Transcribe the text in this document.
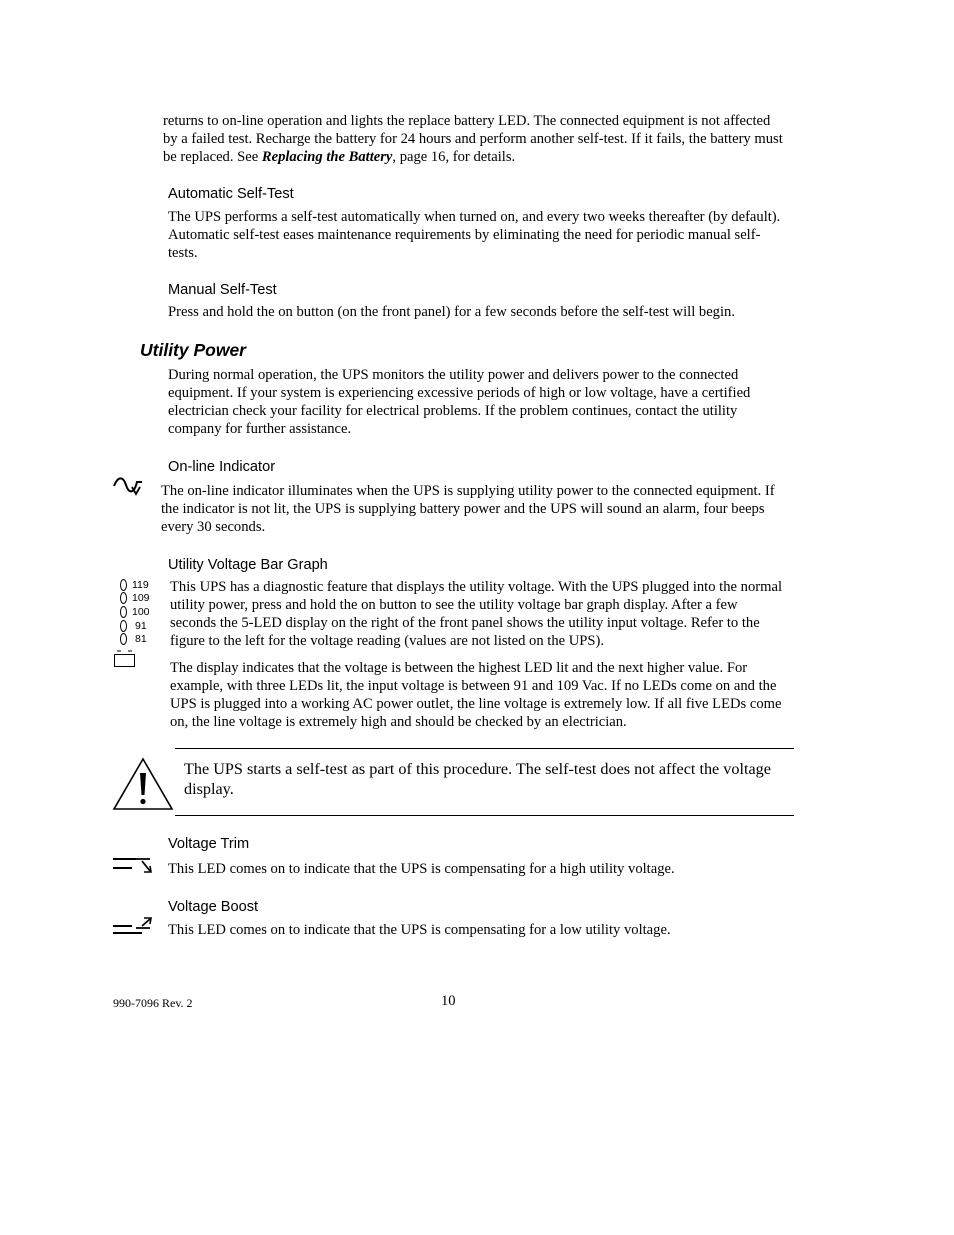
returns to on-line operation and lights the replace battery LED. The connected equipment is not affected by a failed test. Recharge the battery for 24 hours and perform another self-test. If it fails, the battery must be replaced. See Replacing the Battery, page 16, for details.

Automatic Self-Test

The UPS performs a self-test automatically when turned on, and every two weeks thereafter (by default). Automatic self-test eases maintenance requirements by eliminating the need for periodic manual self-tests.

Manual Self-Test

Press and hold the on button (on the front panel) for a few seconds before the self-test will begin.

Utility Power

During normal operation, the UPS monitors the utility power and delivers power to the connected equipment. If your system is experiencing excessive periods of high or low voltage, have a certified electrician check your facility for electrical problems. If the problem continues, contact the utility company for further assistance.

On-line Indicator

The on-line indicator illuminates when the UPS is supplying utility power to the connected equipment. If the indicator is not lit, the UPS is supplying battery power and the UPS will sound an alarm, four beeps every 30 seconds.

Utility Voltage Bar Graph
119
109
100
91
81

This UPS has a diagnostic feature that displays the utility voltage. With the UPS plugged into the normal utility power, press and hold the on button to see the utility voltage bar graph display. After a few seconds the 5-LED display on the right of the front panel shows the utility input voltage. Refer to the figure to the left for the voltage reading (values are not listed on the UPS).

The display indicates that the voltage is between the highest LED lit and the next higher value. For example, with three LEDs lit, the input voltage is between 91 and 109 Vac. If no LEDs come on and the UPS is plugged into a working AC power outlet, the line voltage is extremely low. If all five LEDs come on, the line voltage is extremely high and should be checked by an electrician.

The UPS starts a self-test as part of this procedure. The self-test does not affect the voltage display.

Voltage Trim

This LED comes on to indicate that the UPS is compensating for a high utility voltage.

Voltage Boost

This LED comes on to indicate that the UPS is compensating for a low utility voltage.

990-7096 Rev. 2	10
